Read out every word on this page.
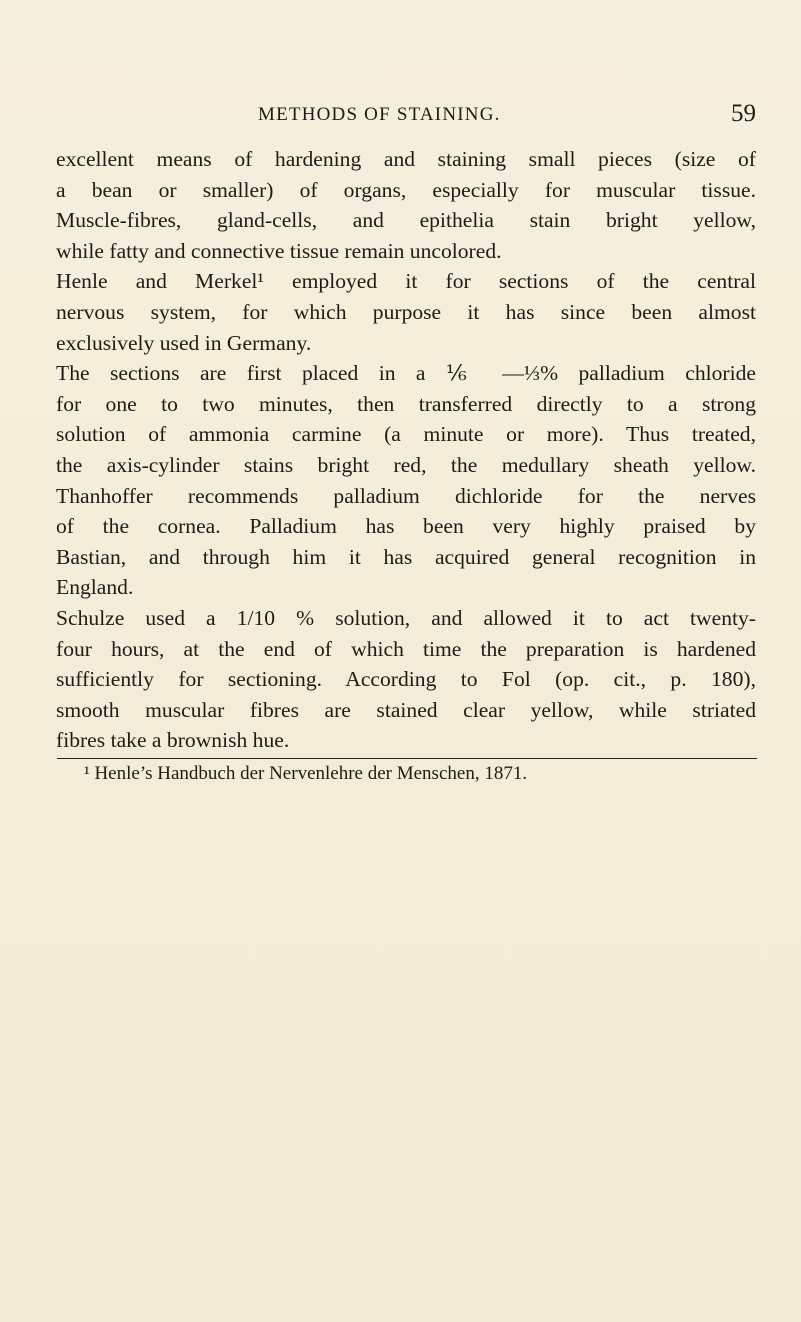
METHODS OF STAINING.	59
excellent means of hardening and staining small pieces (size of
a bean or smaller) of organs, especially for muscular tissue.
Muscle-fibres, gland-cells, and epithelia stain bright yellow,
while fatty and connective tissue remain uncolored.
Henle and Merkel¹ employed it for sections of the central
nervous system, for which purpose it has since been almost
exclusively used in Germany.
The sections are first placed in a ⅙ —⅓% palladium chloride
for one to two minutes, then transferred directly to a strong
solution of ammonia carmine (a minute or more). Thus treated,
the axis-cylinder stains bright red, the medullary sheath yellow.
Thanhoffer recommends palladium dichloride for the nerves
of the cornea. Palladium has been very highly praised by
Bastian, and through him it has acquired general recognition in
England.
Schulze used a 1/10 % solution, and allowed it to act twenty-
four hours, at the end of which time the preparation is hardened
sufficiently for sectioning. According to Fol (op. cit., p. 180),
smooth muscular fibres are stained clear yellow, while striated
fibres take a brownish hue.
¹ Henle’s Handbuch der Nervenlehre der Menschen, 1871.
